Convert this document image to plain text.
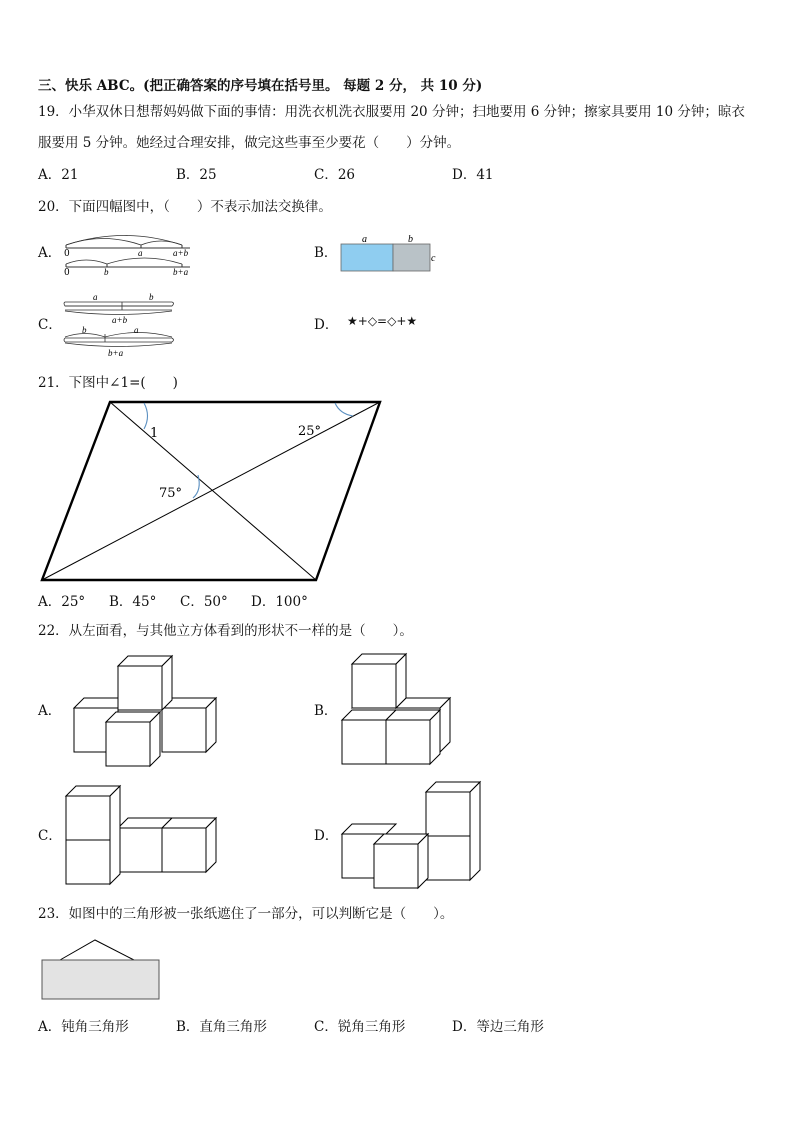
三、快乐 ABC。(把正确答案的序号填在括号里。 每题 2 分， 共 10 分)
19．小华双休日想帮妈妈做下面的事情：用洗衣机洗衣服要用 20 分钟；扫地要用 6 分钟；擦家具要用 10 分钟；晾衣
服要用 5 分钟。她经过合理安排，做完这些事至少要花（　　）分钟。
A．21	B．25	C．26	D．41
20．下面四幅图中，（　　）不表示加法交换律。
A． 0	a	a+b
0	b	b+a
B．
a	b
c
C．
a	b
a+b
b	a
b+a
D． ★+◇=◇+★
21．下图中∠1=(　　)
1	25°
75°
A．25° B．45° C．50° D．100°
22．从左面看，与其他立方体看到的形状不一样的是（　　）。
A．	B．
C．	D．
23．如图中的三角形被一张纸遮住了一部分，可以判断它是（　　）。
A．钝角三角形	B．直角三角形	C．锐角三角形	D．等边三角形
